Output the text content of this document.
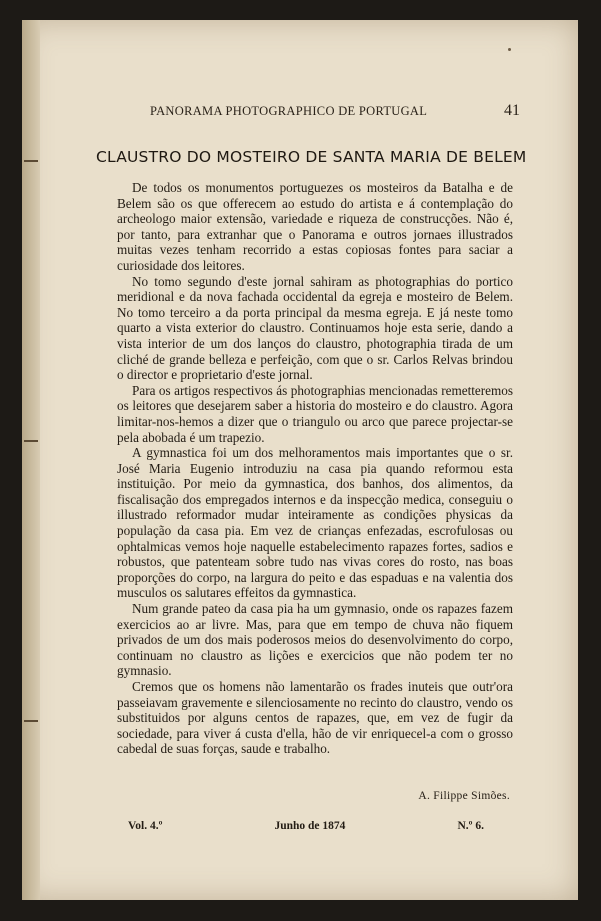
PANORAMA PHOTOGRAPHICO DE PORTUGAL	41
CLAUSTRO DO MOSTEIRO DE SANTA MARIA DE BELEM

De todos os monumentos portuguezes os mosteiros da Batalha e de Belem são os que offerecem ao estudo do artista e á contemplação do archeologo maior extensão, variedade e riqueza de construcções. Não é, por tanto, para extranhar que o Panorama e outros jornaes illustrados muitas vezes tenham recorrido a estas copiosas fontes para saciar a curiosidade dos leitores.

No tomo segundo d'este jornal sahiram as photographias do portico meridional e da nova fachada occidental da egreja e mosteiro de Belem. No tomo terceiro a da porta principal da mesma egreja. E já neste tomo quarto a vista exterior do claustro. Continuamos hoje esta serie, dando a vista interior de um dos lanços do claustro, photographia tirada de um cliché de grande belleza e perfeição, com que o sr. Carlos Relvas brindou o director e proprietario d'este jornal.

Para os artigos respectivos ás photographias mencionadas remetteremos os leitores que desejarem saber a historia do mosteiro e do claustro. Agora limitar-nos-hemos a dizer que o triangulo ou arco que parece projectar-se pela abobada é um trapezio.

A gymnastica foi um dos melhoramentos mais importantes que o sr. José Maria Eugenio introduziu na casa pia quando reformou esta instituição. Por meio da gymnastica, dos banhos, dos alimentos, da fiscalisação dos empregados internos e da inspecção medica, conseguiu o illustrado reformador mudar inteiramente as condições physicas da população da casa pia. Em vez de crianças enfezadas, escrofulosas ou ophtalmicas vemos hoje naquelle estabelecimento rapazes fortes, sadios e robustos, que patenteam sobre tudo nas vivas cores do rosto, nas boas proporções do corpo, na largura do peito e das espaduas e na valentia dos musculos os salutares effeitos da gymnastica.

Num grande pateo da casa pia ha um gymnasio, onde os rapazes fazem exercicios ao ar livre. Mas, para que em tempo de chuva não fiquem privados de um dos mais poderosos meios do desenvolvimento do corpo, continuam no claustro as lições e exercicios que não podem ter no gymnasio.

Cremos que os homens não lamentarão os frades inuteis que outr'ora passeiavam gravemente e silenciosamente no recinto do claustro, vendo os substituidos por alguns centos de rapazes, que, em vez de fugir da sociedade, para viver á custa d'ella, hão de vir enriquecel-a com o grosso cabedal de suas forças, saude e trabalho.

A. Filippe Simões.
Vol. 4.º	Junho de 1874	N.º 6.
